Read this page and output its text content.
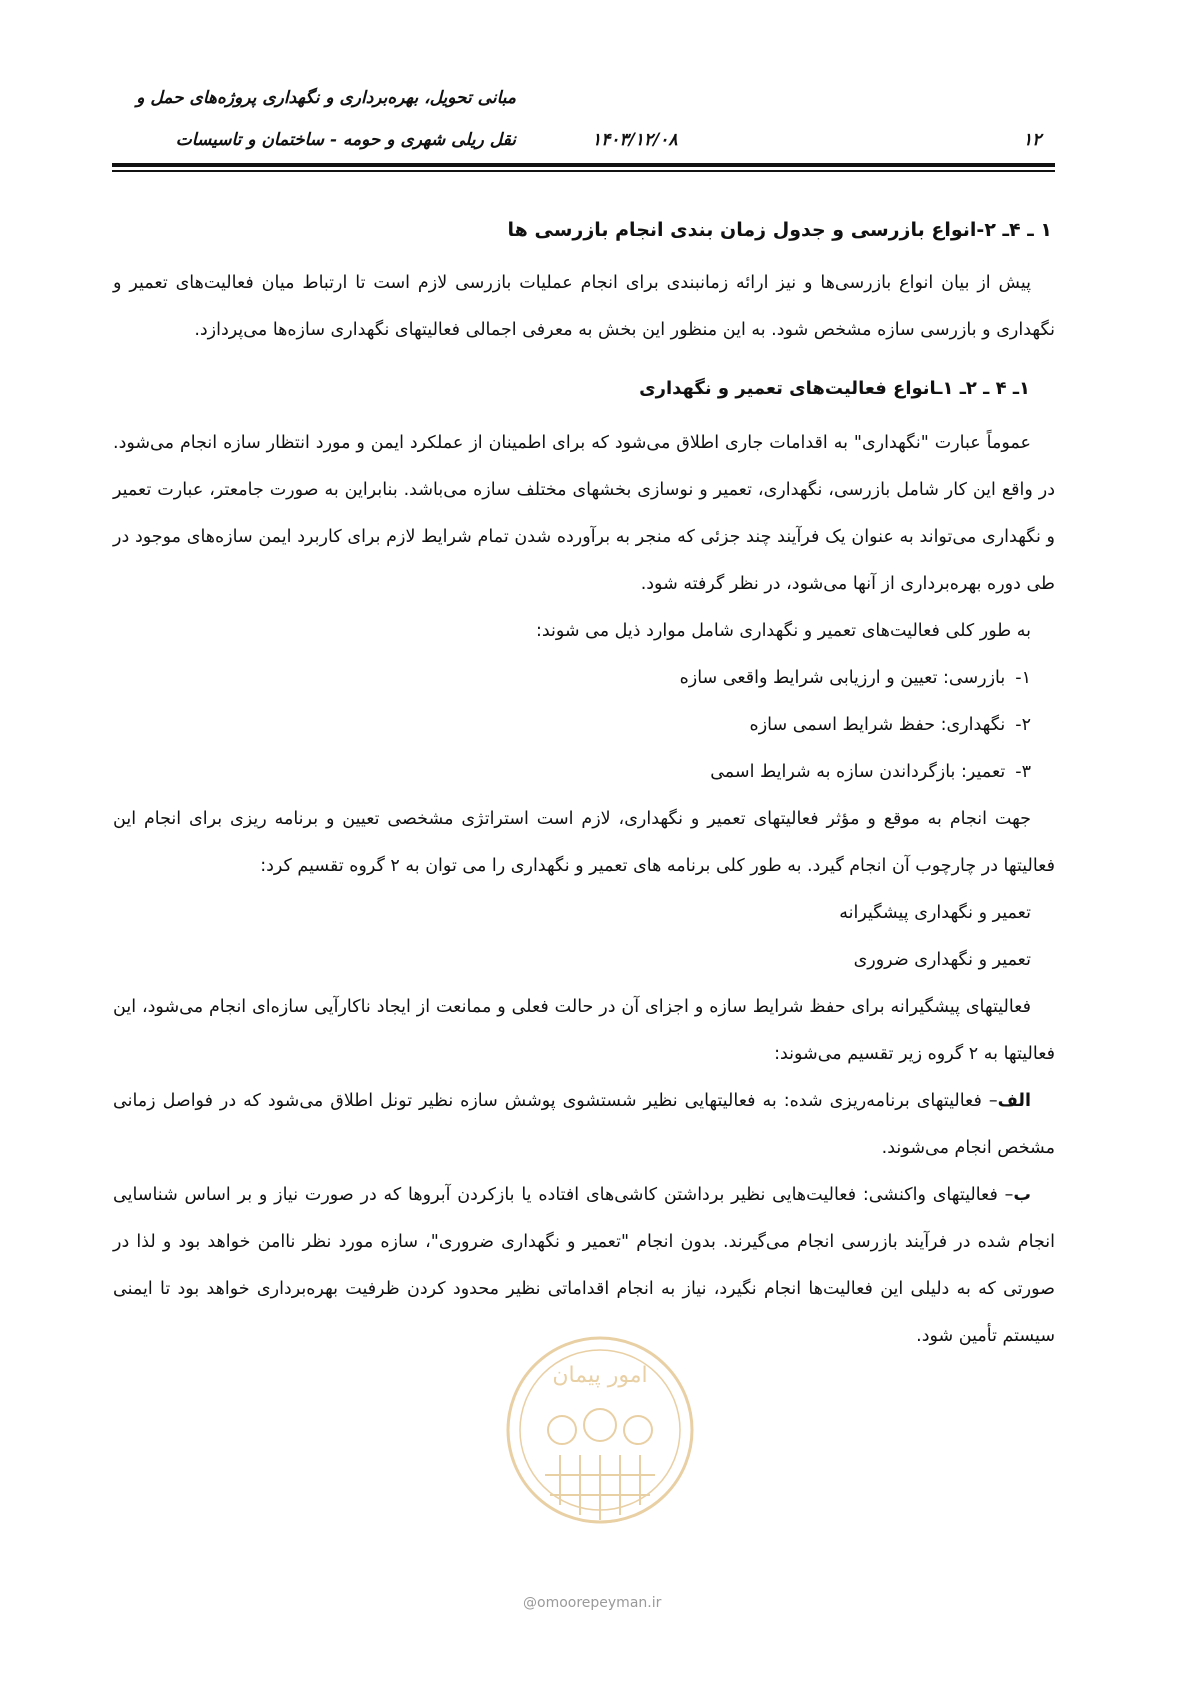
مبانی تحویل، بهره‌برداری و نگهداری پروژه‌های حمل و
نقل ریلی شهری و حومه - ساختمان و تاسیسات	۱۴۰۳/۱۲/۰۸	۱۲

۱ ـ ۴ـ ۲-انواع بازرسی و جدول زمان بندی انجام بازرسی ها

پیش از بیان انواع بازرسی‌ها و نیز ارائه زمانبندی برای انجام عملیات بازرسی لازم است تا ارتباط میان فعالیت‌های تعمیر و نگهداری و بازرسی سازه مشخص شود. به این منظور این بخش به معرفی اجمالی فعالیتهای نگهداری سازه‌ها می‌پردازد.

۱ـ ۴ ـ ۲ـ ۱ـانواع فعالیت‌های تعمیر و نگهداری

عموماً عبارت "نگهداری" به اقدامات جاری اطلاق می‌شود که برای اطمینان از عملکرد ایمن و مورد انتظار سازه انجام می‌شود. در واقع این کار شامل بازرسی، نگهداری، تعمیر و نوسازی بخشهای مختلف سازه می‌باشد. بنابراین به صورت جامعتر، عبارت تعمیر و نگهداری می‌تواند به عنوان یک فرآیند چند جزئی که منجر به برآورده شدن تمام شرایط لازم برای کاربرد ایمن سازه‌های موجود در طی دوره بهره‌برداری از آنها می‌شود، در نظر گرفته شود.

به طور کلی فعالیت‌های تعمیر و نگهداری شامل موارد ذیل می شوند:

۱-بازرسی: تعیین و ارزیابی شرایط واقعی سازه

۲-نگهداری: حفظ شرایط اسمی سازه

۳-تعمیر: بازگرداندن سازه به شرایط اسمی

جهت انجام به موقع و مؤثر فعالیتهای تعمیر و نگهداری، لازم است استراتژی مشخصی تعیین و برنامه ریزی برای انجام این فعالیتها در چارچوب آن انجام گیرد. به طور کلی برنامه های تعمیر و نگهداری را می توان به ۲ گروه تقسیم کرد:

تعمیر و نگهداری پیشگیرانه

تعمیر و نگهداری ضروری

فعالیتهای پیشگیرانه برای حفظ شرایط سازه و اجزای آن در حالت فعلی و ممانعت از ایجاد ناکارآیی سازه‌ای انجام می‌شود، این فعالیتها به ۲ گروه زیر تقسیم می‌شوند:

الف– فعالیتهای برنامه‌ریزی شده: به فعالیتهایی نظیر شستشوی پوشش سازه نظیر تونل اطلاق می‌شود که در فواصل زمانی مشخص انجام می‌شوند.

ب– فعالیتهای واکنشی: فعالیت‌هایی نظیر برداشتن کاشی‌های افتاده یا بازکردن آبروها که در صورت نیاز و بر اساس شناسایی انجام شده در فرآیند بازرسی انجام می‌گیرند. بدون انجام "تعمیر و نگهداری ضروری"، سازه مورد نظر ناامن خواهد بود و لذا در صورتی که به دلیلی این فعالیت‌ها انجام نگیرد، نیاز به انجام اقداماتی نظیر محدود کردن ظرفیت بهره‌برداری خواهد بود تا ایمنی سیستم تأمین شود.

امور پیمان
@omoorepeyman.ir
